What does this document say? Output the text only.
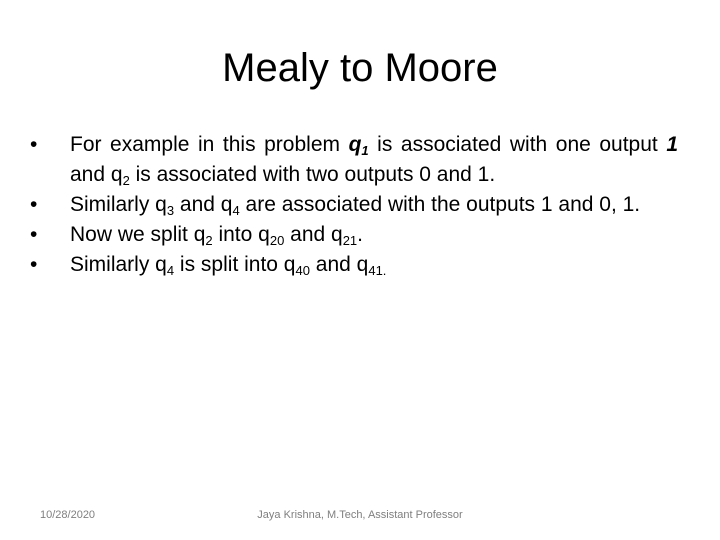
Mealy to Moore
•	For example in this problem $q_1$ is associated with one output 1 and $q_2$ is associated with two outputs 0 and 1.
•	Similarly $q_3$ and $q_4$ are associated with the outputs 1 and 0, 1.
•	Now we split $q_2$ into $q_{20}$ and $q_{21}$.
•	Similarly $q_4$ is split into $q_{40}$ and $q_{41.}$
10/28/2020	Jaya Krishna, M.Tech, Assistant Professor
